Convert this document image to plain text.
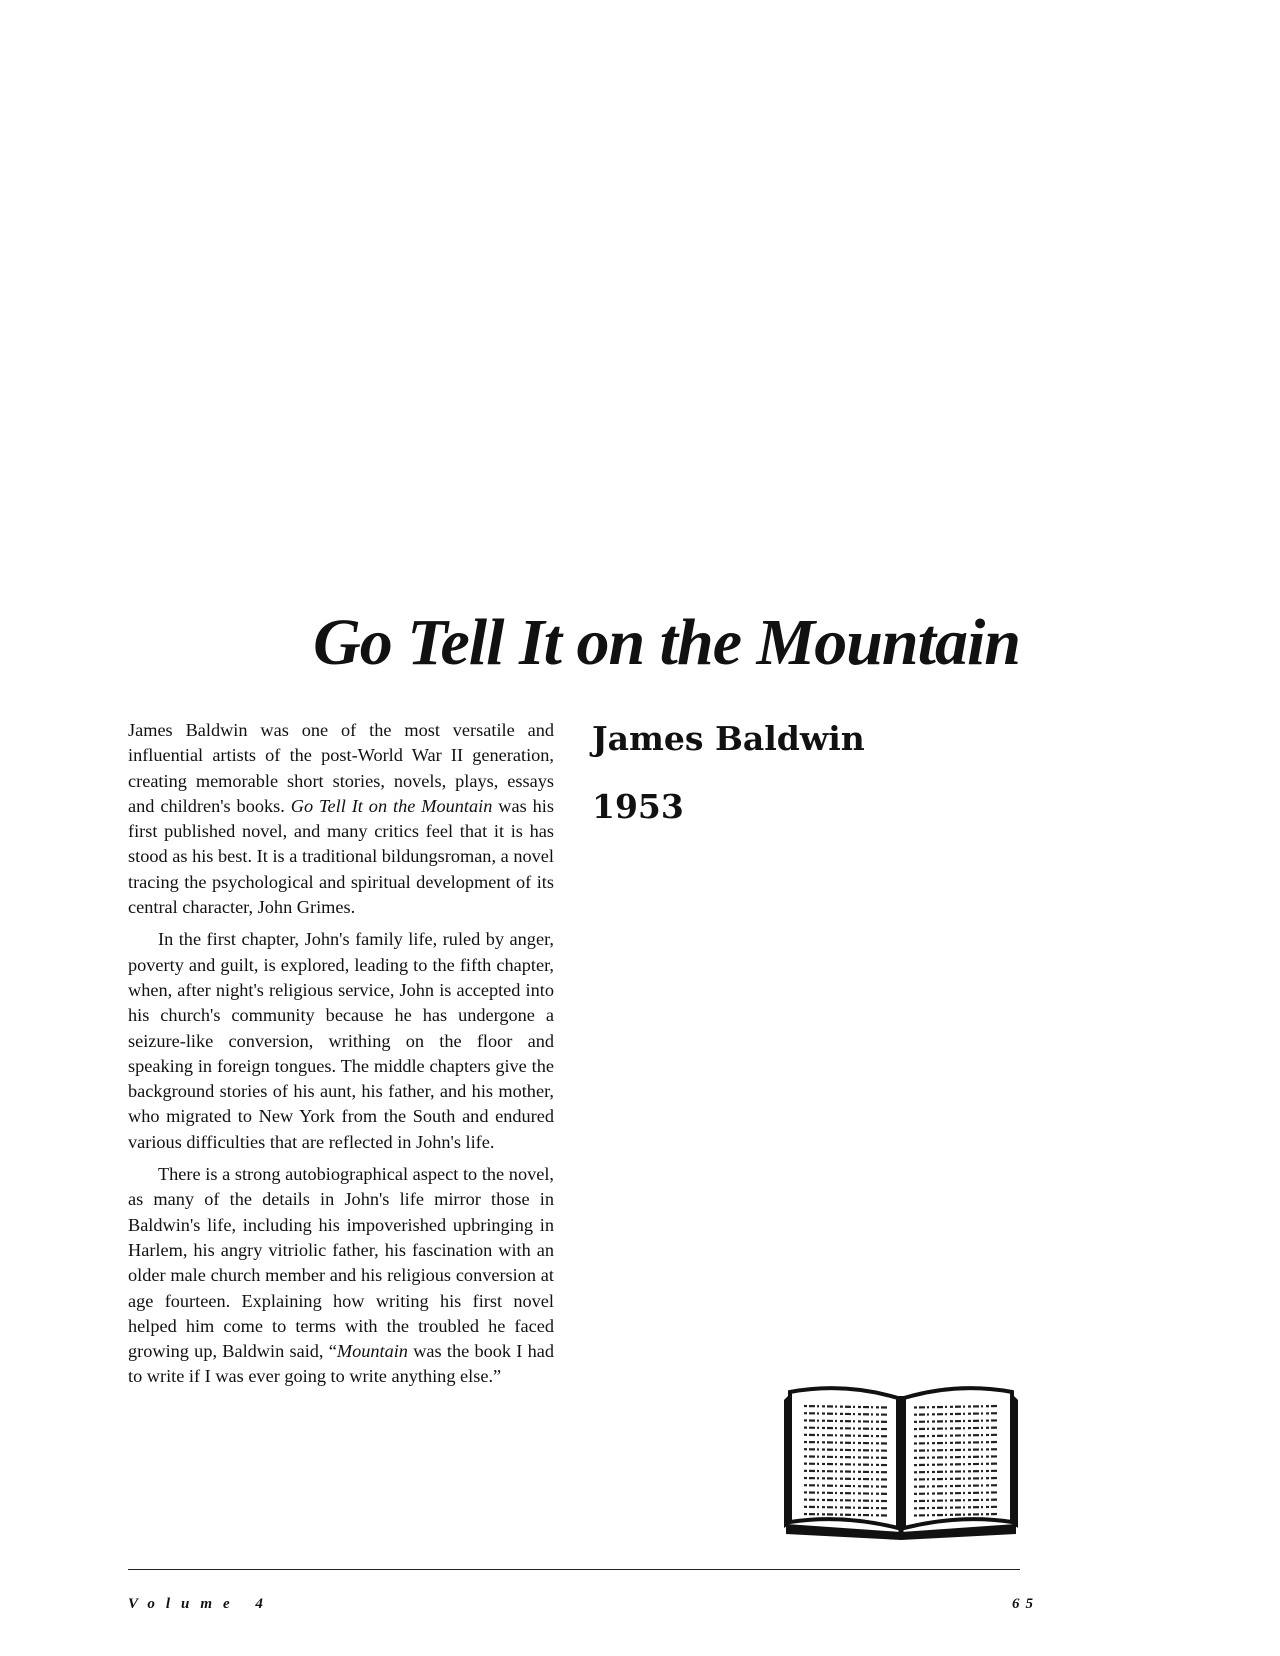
Go Tell It on the Mountain

James Baldwin was one of the most versatile and influential artists of the post-World War II generation, creating memorable short stories, novels, plays, essays and children's books. Go Tell It on the Mountain was his first published novel, and many critics feel that it is has stood as his best. It is a traditional bildungsroman, a novel tracing the psychological and spiritual development of its central character, John Grimes.

In the first chapter, John's family life, ruled by anger, poverty and guilt, is explored, leading to the fifth chapter, when, after night's religious service, John is accepted into his church's community because he has undergone a seizure-like conversion, writhing on the floor and speaking in foreign tongues. The middle chapters give the background stories of his aunt, his father, and his mother, who migrated to New York from the South and endured various difficulties that are reflected in John's life.

There is a strong autobiographical aspect to the novel, as many of the details in John's life mirror those in Baldwin's life, including his impoverished upbringing in Harlem, his angry vitriolic father, his fascination with an older male church member and his religious conversion at age fourteen. Explaining how writing his first novel helped him come to terms with the troubled he faced growing up, Baldwin said, “Mountain was the book I had to write if I was ever going to write anything else.”

James Baldwin
1953
Volume 4	65
